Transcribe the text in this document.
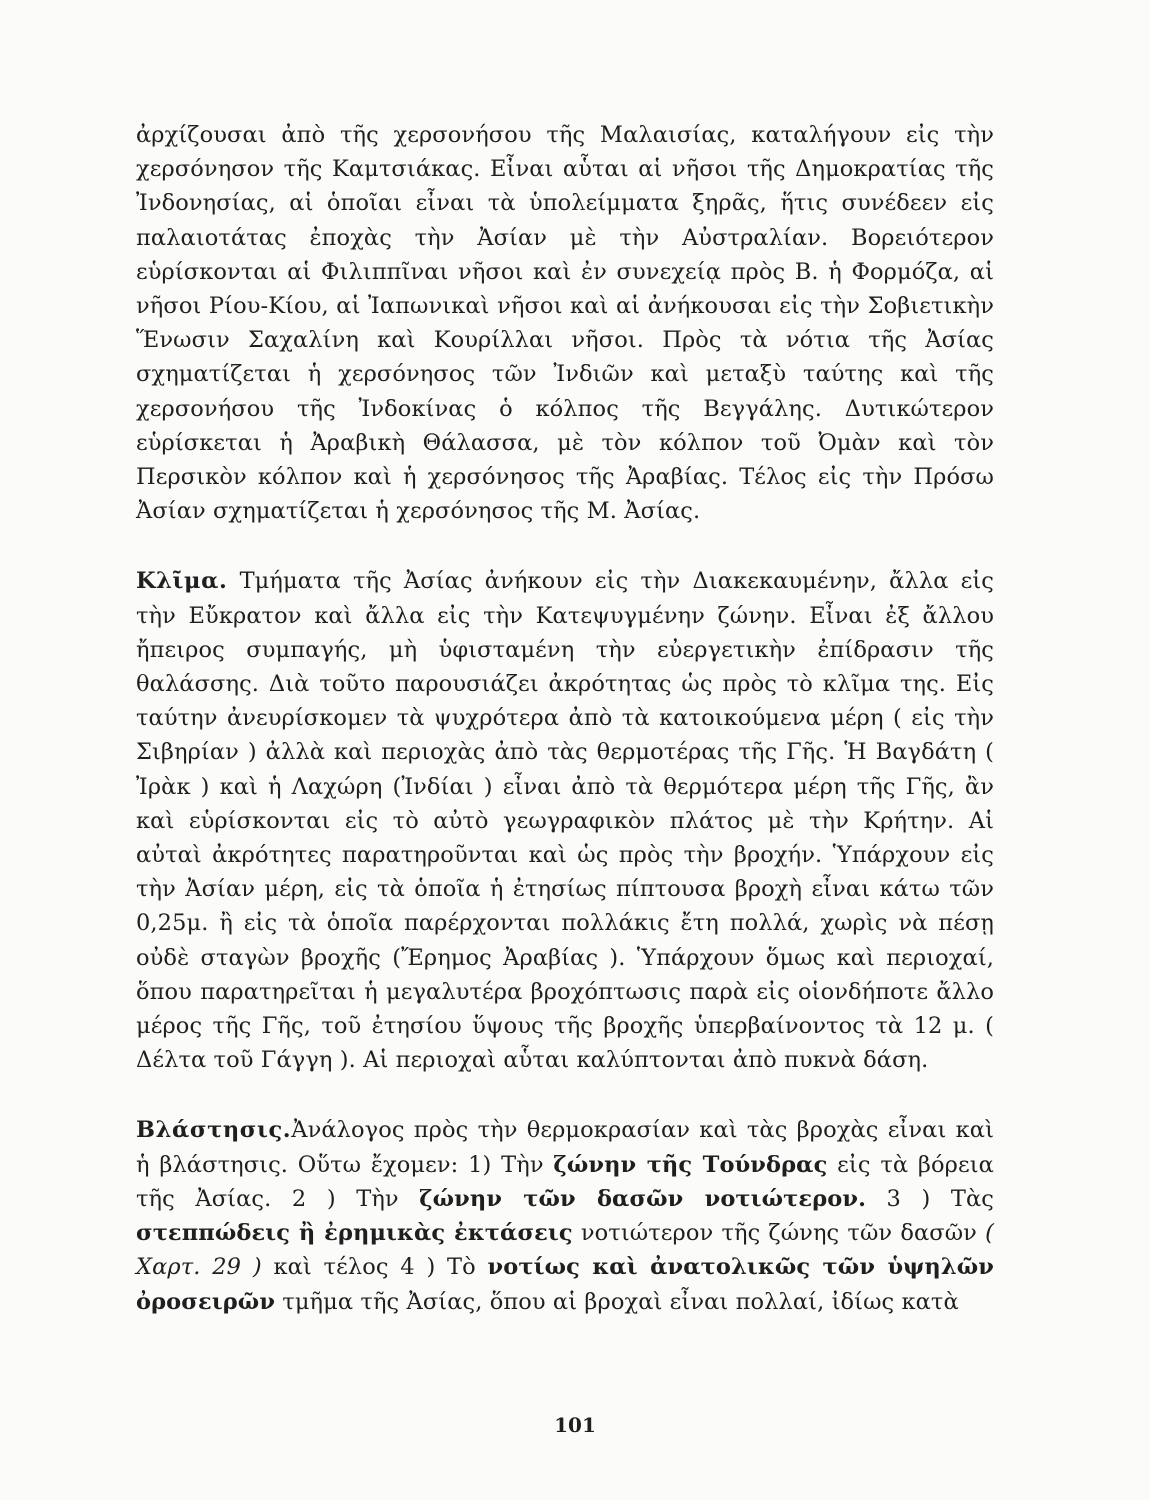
ἀρχίζουσαι ἀπὸ τῆς χερσονήσου τῆς Μαλαισίας, καταλήγουν εἰς τὴν χερσόνησον τῆς Καμτσιάκας. Εἶναι αὗται αἱ νῆσοι τῆς Δημοκρατίας τῆς Ἰνδονησίας, αἱ ὁποῖαι εἶναι τὰ ὑπολείμματα ξηρᾶς, ἥτις συνέδεεν εἰς παλαιοτάτας ἐποχὰς τὴν Ἀσίαν μὲ τὴν Αὐστραλίαν. Βορειότερον εὑρίσκονται αἱ Φιλιππῖναι νῆσοι καὶ ἐν συνεχείᾳ πρὸς Β. ἡ Φορμόζα, αἱ νῆσοι Ρίου-Κίου, αἱ Ἰαπωνικαὶ νῆσοι καὶ αἱ ἀνήκουσαι εἰς τὴν Σοβιετικὴν Ἕνωσιν Σαχαλίνη καὶ Κουρίλλαι νῆσοι. Πρὸς τὰ νότια τῆς Ἀσίας σχηματίζεται ἡ χερσόνησος τῶν Ἰνδιῶν καὶ μεταξὺ ταύτης καὶ τῆς χερσονήσου τῆς Ἰνδοκίνας ὁ κόλπος τῆς Βεγγάλης. Δυτικώτερον εὑρίσκεται ἡ Ἀραβικὴ Θάλασσα, μὲ τὸν κόλπον τοῦ Ὀμὰν καὶ τὸν Περσικὸν κόλπον καὶ ἡ χερσόνησος τῆς Ἀραβίας. Τέλος εἰς τὴν Πρόσω Ἀσίαν σχηματίζεται ἡ χερσόνησος τῆς Μ. Ἀσίας.

Κλῖμα. Τμήματα τῆς Ἀσίας ἀνήκουν εἰς τὴν Διακεκαυμένην, ἄλλα εἰς τὴν Εὔκρατον καὶ ἄλλα εἰς τὴν Κατεψυγμένην ζώνην. Εἶναι ἐξ ἄλλου ἤπειρος συμπαγής, μὴ ὑφισταμένη τὴν εὐεργετικὴν ἐπίδρασιν τῆς θαλάσσης. Διὰ τοῦτο παρουσιάζει ἀκρότητας ὡς πρὸς τὸ κλῖμα της. Εἰς ταύτην ἀνευρίσκομεν τὰ ψυχρότερα ἀπὸ τὰ κατοικούμενα μέρη ( εἰς τὴν Σιβηρίαν ) ἀλλὰ καὶ περιοχὰς ἀπὸ τὰς θερμοτέρας τῆς Γῆς. Ἡ Βαγδάτη ( Ἰρὰκ ) καὶ ἡ Λαχώρη (Ἰνδίαι ) εἶναι ἀπὸ τὰ θερμότερα μέρη τῆς Γῆς, ἂν καὶ εὑρίσκονται εἰς τὸ αὐτὸ γεωγραφικὸν πλάτος μὲ τὴν Κρήτην. Αἱ αὐταὶ ἀκρότητες παρατηροῦνται καὶ ὡς πρὸς τὴν βροχήν. Ὑπάρχουν εἰς τὴν Ἀσίαν μέρη, εἰς τὰ ὁποῖα ἡ ἐτησίως πίπτουσα βροχὴ εἶναι κάτω τῶν 0,25μ. ἢ εἰς τὰ ὁποῖα παρέρχονται πολλάκις ἔτη πολλά, χωρὶς νὰ πέσῃ οὐδὲ σταγὼν βροχῆς (Ἔρημος Ἀραβίας ). Ὑπάρχουν ὅμως καὶ περιοχαί, ὅπου παρατηρεῖται ἡ μεγαλυτέρα βροχόπτωσις παρὰ εἰς οἱονδήποτε ἄλλο μέρος τῆς Γῆς, τοῦ ἐτησίου ὕψους τῆς βροχῆς ὑπερβαίνοντος τὰ 12 μ. ( Δέλτα τοῦ Γάγγη ). Αἱ περιοχαὶ αὗται καλύπτονται ἀπὸ πυκνὰ δάση.

Βλάστησις.Ἀνάλογος πρὸς τὴν θερμοκρασίαν καὶ τὰς βροχὰς εἶναι καὶ ἡ βλάστησις. Οὕτω ἔχομεν: 1) Τὴν ζώνην τῆς Τούνδρας εἰς τὰ βόρεια τῆς Ἀσίας. 2 ) Τὴν ζώνην τῶν δασῶν νοτιώτερον. 3 ) Τὰς στεππώδεις ἢ ἐρημικὰς ἐκτάσεις νοτιώτερον τῆς ζώνης τῶν δασῶν ( Χαρτ. 29 ) καὶ τέλος 4 ) Τὸ νοτίως καὶ ἀνατολικῶς τῶν ὑψηλῶν ὀροσειρῶν τμῆμα τῆς Ἀσίας, ὅπου αἱ βροχαὶ εἶναι πολλαί, ἰδίως κατὰ

101
